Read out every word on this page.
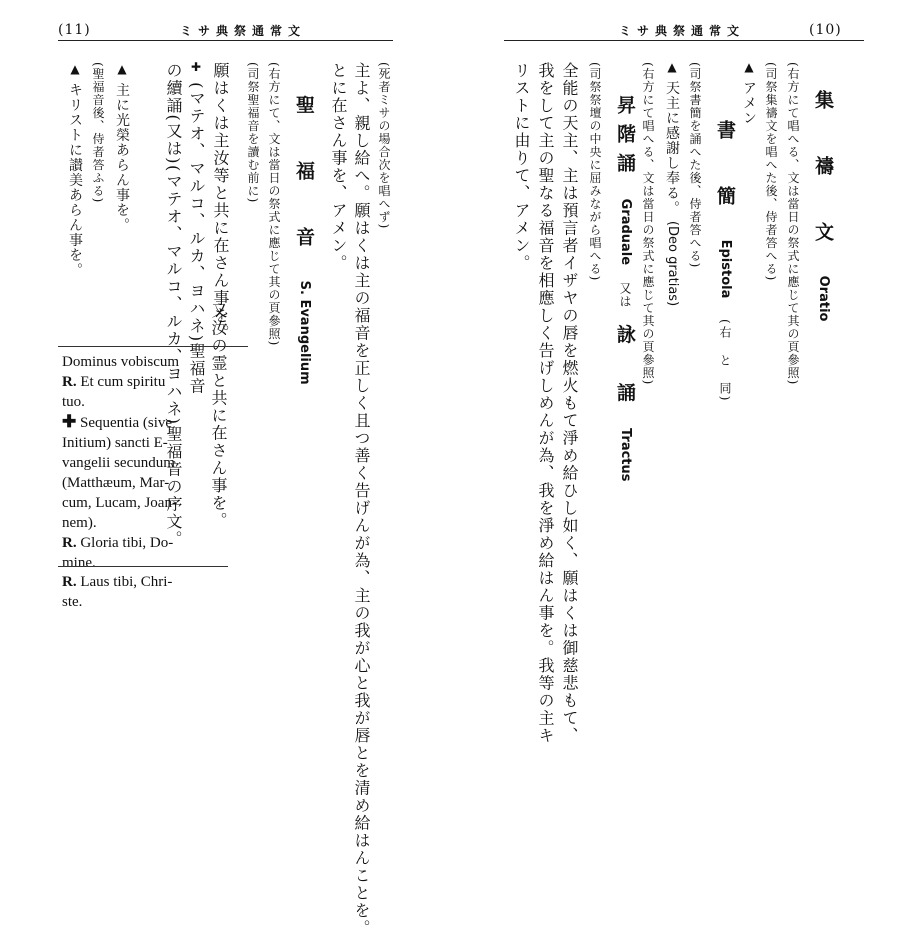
(11)	ミサ典祭通常文
(死者ミサの場合次を唱へず)
主よ、親し給へ。願はくは主の福音を正しく且つ善く告げんが為、主の我が心と我が唇とを清め給はんことを。
とに在さん事を、アメン。
聖　福　音 S. Evangelium
(右方にて、文は當日の祭式に應じて其の頁參照)
(司祭聖福音を讀む前に)
願はくは主汝等と共に在さん事を。
又汝の霊と共に在さん事を。
✚ (マテオ、マルコ、ルカ、ヨハネ)聖福音
の續誦(又は)(マテオ、マルコ、ルカ、ヨハネ)聖福音の序文。
▲ 主に光榮あらん事を。
(聖福音後、侍者答ふる)
▲ キリストに讃美あらん事を。

Dominus vobiscum

R. Et cum spiritu

tuo.

✚ Sequentia (sive

Initium) sancti E-

vangelii secundum

(Matthæum, Mar-

cum, Lucam, Joan-

nem).

R. Gloria tibi, Do-

mine.

R. Laus tibi, Chri-

ste.

ミサ典祭通常文	(10)
集　禱　文 Oratio
(右方にて唱へる、文は當日の祭式に應じて其の頁參照)
(司祭集禱文を唱へた後、侍者答へる)
▲ アメン
書　簡 Epistola (右　と　同)
(司祭書簡を誦へた後、侍者答へる)
▲ 天主に感謝し奉る。 (Deo gratias)
(右方にて唱へる、文は當日の祭式に應じて其の頁參照)
昇階誦 Graduale 又は 詠　誦 Tractus
(司祭祭壇の中央に屈みながら唱へる)
全能の天主、主は預言者イザヤの唇を燃火もて淨め給ひし如く、願はくは御慈悲もて、
我をして主の聖なる福音を相應しく告げしめんが為、我を淨め給はん事を。我等の主キ
リストに由りて、アメン。
